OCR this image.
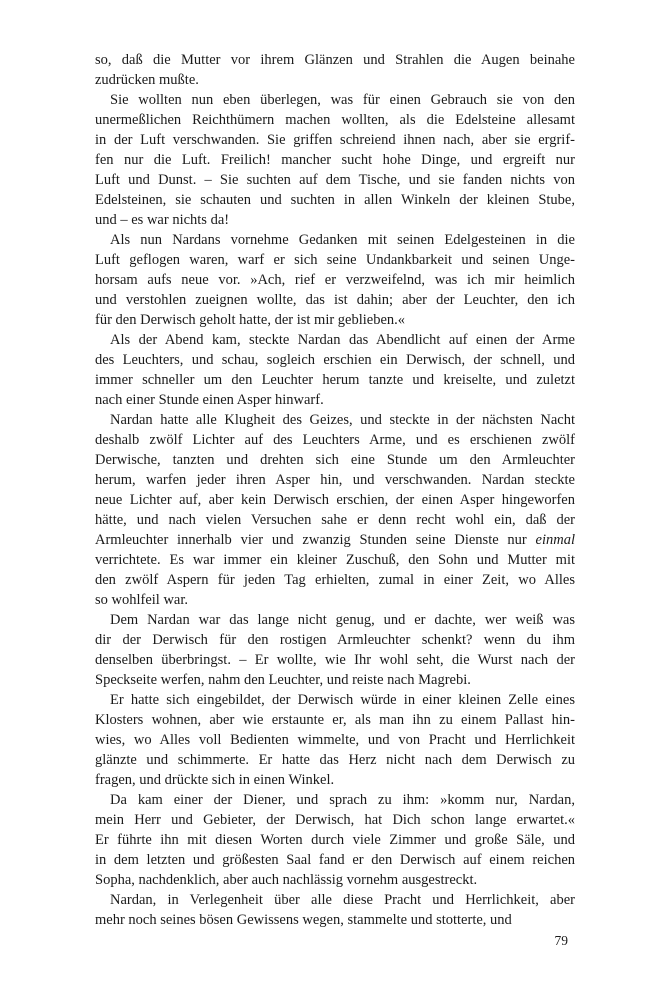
so, daß die Mutter vor ihrem Glänzen und Strahlen die Augen beinahe
zudrücken mußte.
Sie wollten nun eben überlegen, was für einen Gebrauch sie von den
unermeßlichen Reichthümern machen wollten, als die Edelsteine allesamt
in der Luft verschwanden. Sie griffen schreiend ihnen nach, aber sie ergrif-
fen nur die Luft. Freilich! mancher sucht hohe Dinge, und ergreift nur
Luft und Dunst. – Sie suchten auf dem Tische, und sie fanden nichts von
Edelsteinen, sie schauten und suchten in allen Winkeln der kleinen Stube,
und – es war nichts da!
Als nun Nardans vornehme Gedanken mit seinen Edelgesteinen in die
Luft geflogen waren, warf er sich seine Undankbarkeit und seinen Unge-
horsam aufs neue vor. »Ach, rief er verzweifelnd, was ich mir heimlich
und verstohlen zueignen wollte, das ist dahin; aber der Leuchter, den ich
für den Derwisch geholt hatte, der ist mir geblieben.«
Als der Abend kam, steckte Nardan das Abendlicht auf einen der Arme
des Leuchters, und schau, sogleich erschien ein Derwisch, der schnell, und
immer schneller um den Leuchter herum tanzte und kreiselte, und zuletzt
nach einer Stunde einen Asper hinwarf.
Nardan hatte alle Klugheit des Geizes, und steckte in der nächsten Nacht
deshalb zwölf Lichter auf des Leuchters Arme, und es erschienen zwölf
Derwische, tanzten und drehten sich eine Stunde um den Armleuchter
herum, warfen jeder ihren Asper hin, und verschwanden. Nardan steckte
neue Lichter auf, aber kein Derwisch erschien, der einen Asper hingeworfen
hätte, und nach vielen Versuchen sahe er denn recht wohl ein, daß der
Armleuchter innerhalb vier und zwanzig Stunden seine Dienste nur einmal
verrichtete. Es war immer ein kleiner Zuschuß, den Sohn und Mutter mit
den zwölf Aspern für jeden Tag erhielten, zumal in einer Zeit, wo Alles
so wohlfeil war.
Dem Nardan war das lange nicht genug, und er dachte, wer weiß was
dir der Derwisch für den rostigen Armleuchter schenkt? wenn du ihm
denselben überbringst. – Er wollte, wie Ihr wohl seht, die Wurst nach der
Speckseite werfen, nahm den Leuchter, und reiste nach Magrebi.
Er hatte sich eingebildet, der Derwisch würde in einer kleinen Zelle eines
Klosters wohnen, aber wie erstaunte er, als man ihn zu einem Pallast hin-
wies, wo Alles voll Bedienten wimmelte, und von Pracht und Herrlichkeit
glänzte und schimmerte. Er hatte das Herz nicht nach dem Derwisch zu
fragen, und drückte sich in einen Winkel.
Da kam einer der Diener, und sprach zu ihm: »komm nur, Nardan,
mein Herr und Gebieter, der Derwisch, hat Dich schon lange erwartet.«
Er führte ihn mit diesen Worten durch viele Zimmer und große Säle, und
in dem letzten und größesten Saal fand er den Derwisch auf einem reichen
Sopha, nachdenklich, aber auch nachlässig vornehm ausgestreckt.
Nardan, in Verlegenheit über alle diese Pracht und Herrlichkeit, aber
mehr noch seines bösen Gewissens wegen, stammelte und stotterte, und
79
